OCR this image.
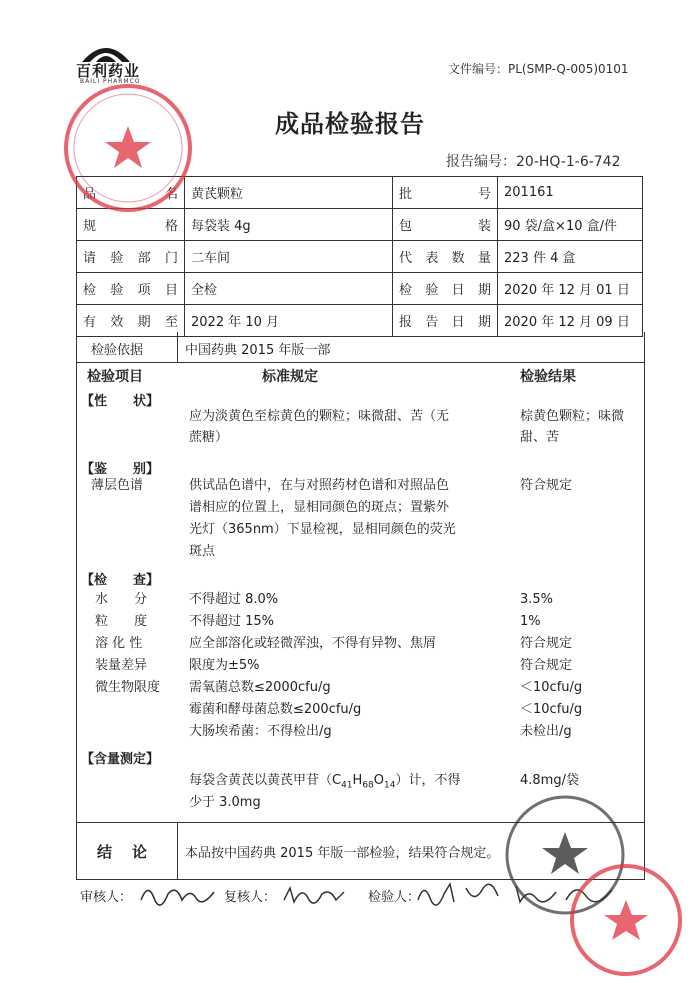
百利药业
BAILI PHARMCO
文件编号：PL(SMP-Q-005)0101
成品检验报告
报告编号：20-HQ-1-6-742
品　　名	黄芪颗粒	批　　号	201161
规　　格	每袋装 4g	包　　装	90 袋/盒×10 盒/件
请验部门	二车间	代表数量	223 件 4 盒
检验项目	全检	检验日期	2020 年 12 月 01 日
有效期至	2022 年 10 月	报告日期	2020 年 12 月 09 日
检验依据	中国药典 2015 年版一部
检验项目	标准规定	检验结果
【性　　状】
应为淡黄色至棕黄色的颗粒；味微甜、苦（无
蔗糖）
棕黄色颗粒；味微
甜、苦
【鉴　　别】
薄层色谱	供试品色谱中，在与对照药材色谱和对照品色
谱相应的位置上，显相同颜色的斑点；置紫外
光灯（365nm）下显检视，显相同颜色的荧光
斑点
符合规定
【检　　查】
水　　分	不得超过 8.0%	3.5%
粒　　度	不得超过 15%	1%
溶 化 性	应全部溶化或轻微浑浊，不得有异物、焦屑	符合规定
装量差异	限度为±5%	符合规定
微生物限度 需氧菌总数≤2000cfu/g	＜10cfu/g
霉菌和酵母菌总数≤200cfu/g	＜10cfu/g
大肠埃希菌：不得检出/g	未检出/g
【含量测定】
每袋含黄芪以黄芪甲苷$(C_{41}H_{68}O_{14})$计，不得
少于 3.0mg
4.8mg/袋
结论 本品按中国药典 2015 年版一部检验，结果符合规定。
审核人：	复核人：	检验人：
